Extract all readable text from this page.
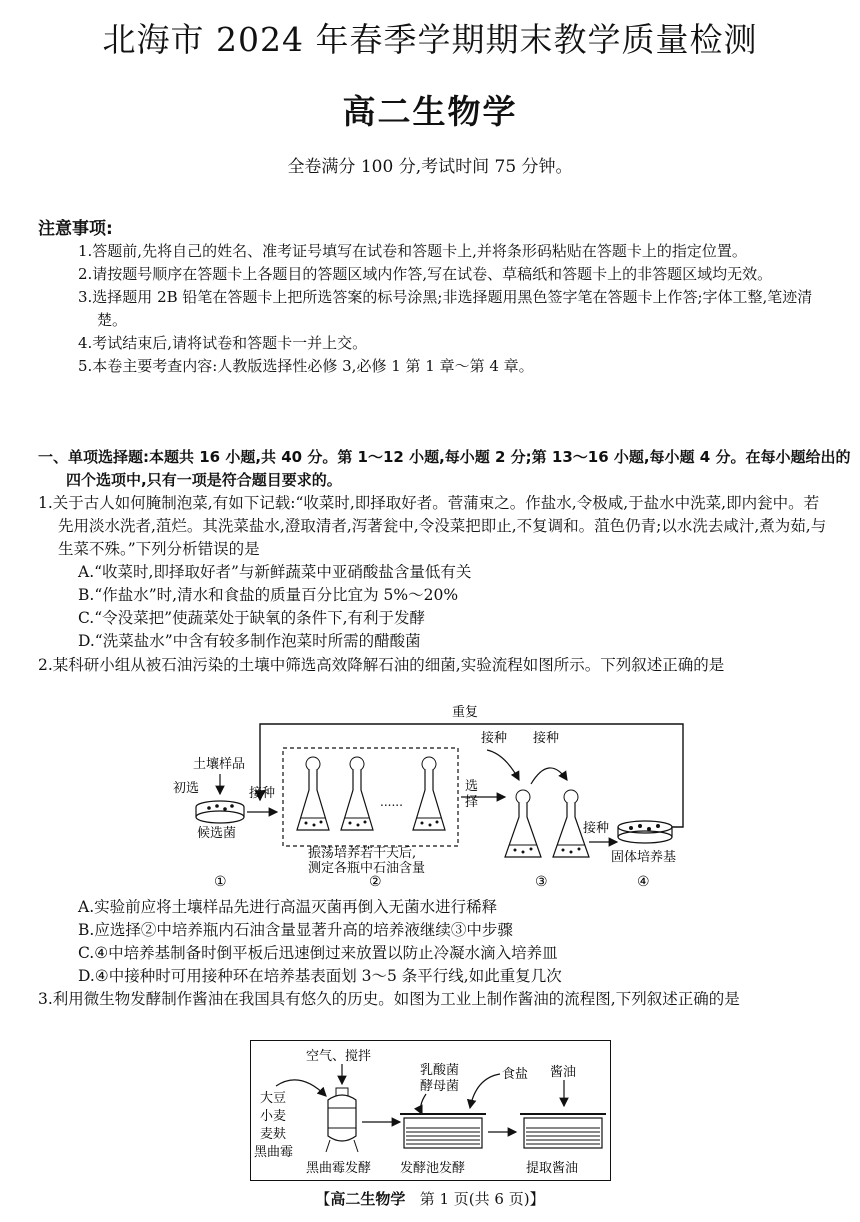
北海市 2024 年春季学期期末教学质量检测
高二生物学
全卷满分 100 分,考试时间 75 分钟。
注意事项:

1.答题前,先将自己的姓名、准考证号填写在试卷和答题卡上,并将条形码粘贴在答题卡上的指定位置。

2.请按题号顺序在答题卡上各题目的答题区域内作答,写在试卷、草稿纸和答题卡上的非答题区域均无效。

3.选择题用 2B 铅笔在答题卡上把所选答案的标号涂黑;非选择题用黑色签字笔在答题卡上作答;字体工整,笔迹清楚。

4.考试结束后,请将试卷和答题卡一并上交。

5.本卷主要考查内容:人教版选择性必修 3,必修 1 第 1 章～第 4 章。

一、单项选择题:本题共 16 小题,共 40 分。第 1～12 小题,每小题 2 分;第 13～16 小题,每小题 4 分。在每小题给出的四个选项中,只有一项是符合题目要求的。

1.关于古人如何腌制泡菜,有如下记载:“收菜时,即择取好者。菅蒲束之。作盐水,令极咸,于盐水中洗菜,即内瓮中。若先用淡水洗者,菹烂。其洗菜盐水,澄取清者,泻著瓮中,令没菜把即止,不复调和。菹色仍青;以水洗去咸汁,煮为茹,与生菜不殊。”下列分析错误的是

A.“收菜时,即择取好者”与新鲜蔬菜中亚硝酸盐含量低有关

B.“作盐水”时,清水和食盐的质量百分比宜为 5%～20%

C.“令没菜把”使蔬菜处于缺氧的条件下,有利于发酵

D.“洗菜盐水”中含有较多制作泡菜时所需的醋酸菌

2.某科研小组从被石油污染的土壤中筛选高效降解石油的细菌,实验流程如图所示。下列叙述正确的是

重复
土壤样品
初选
候选菌
接种
......
振荡培养若干天后,
测定各瓶中石油含量
选
择
接种 接种
接种
固体培养基
①	②	③	④

A.实验前应将土壤样品先进行高温灭菌再倒入无菌水进行稀释

B.应选择②中培养瓶内石油含量显著升高的培养液继续③中步骤

C.④中培养基制备时倒平板后迅速倒过来放置以防止冷凝水滴入培养皿

D.④中接种时可用接种环在培养基表面划 3～5 条平行线,如此重复几次

3.利用微生物发酵制作酱油在我国具有悠久的历史。如图为工业上制作酱油的流程图,下列叙述正确的是

空气、搅拌
大豆
小麦
麦麸
黑曲霉
黑曲霉发酵
乳酸菌
酵母菌
食盐
发酵池发酵
酱油
提取酱油
【高二生物学 第 1 页(共 6 页)】
